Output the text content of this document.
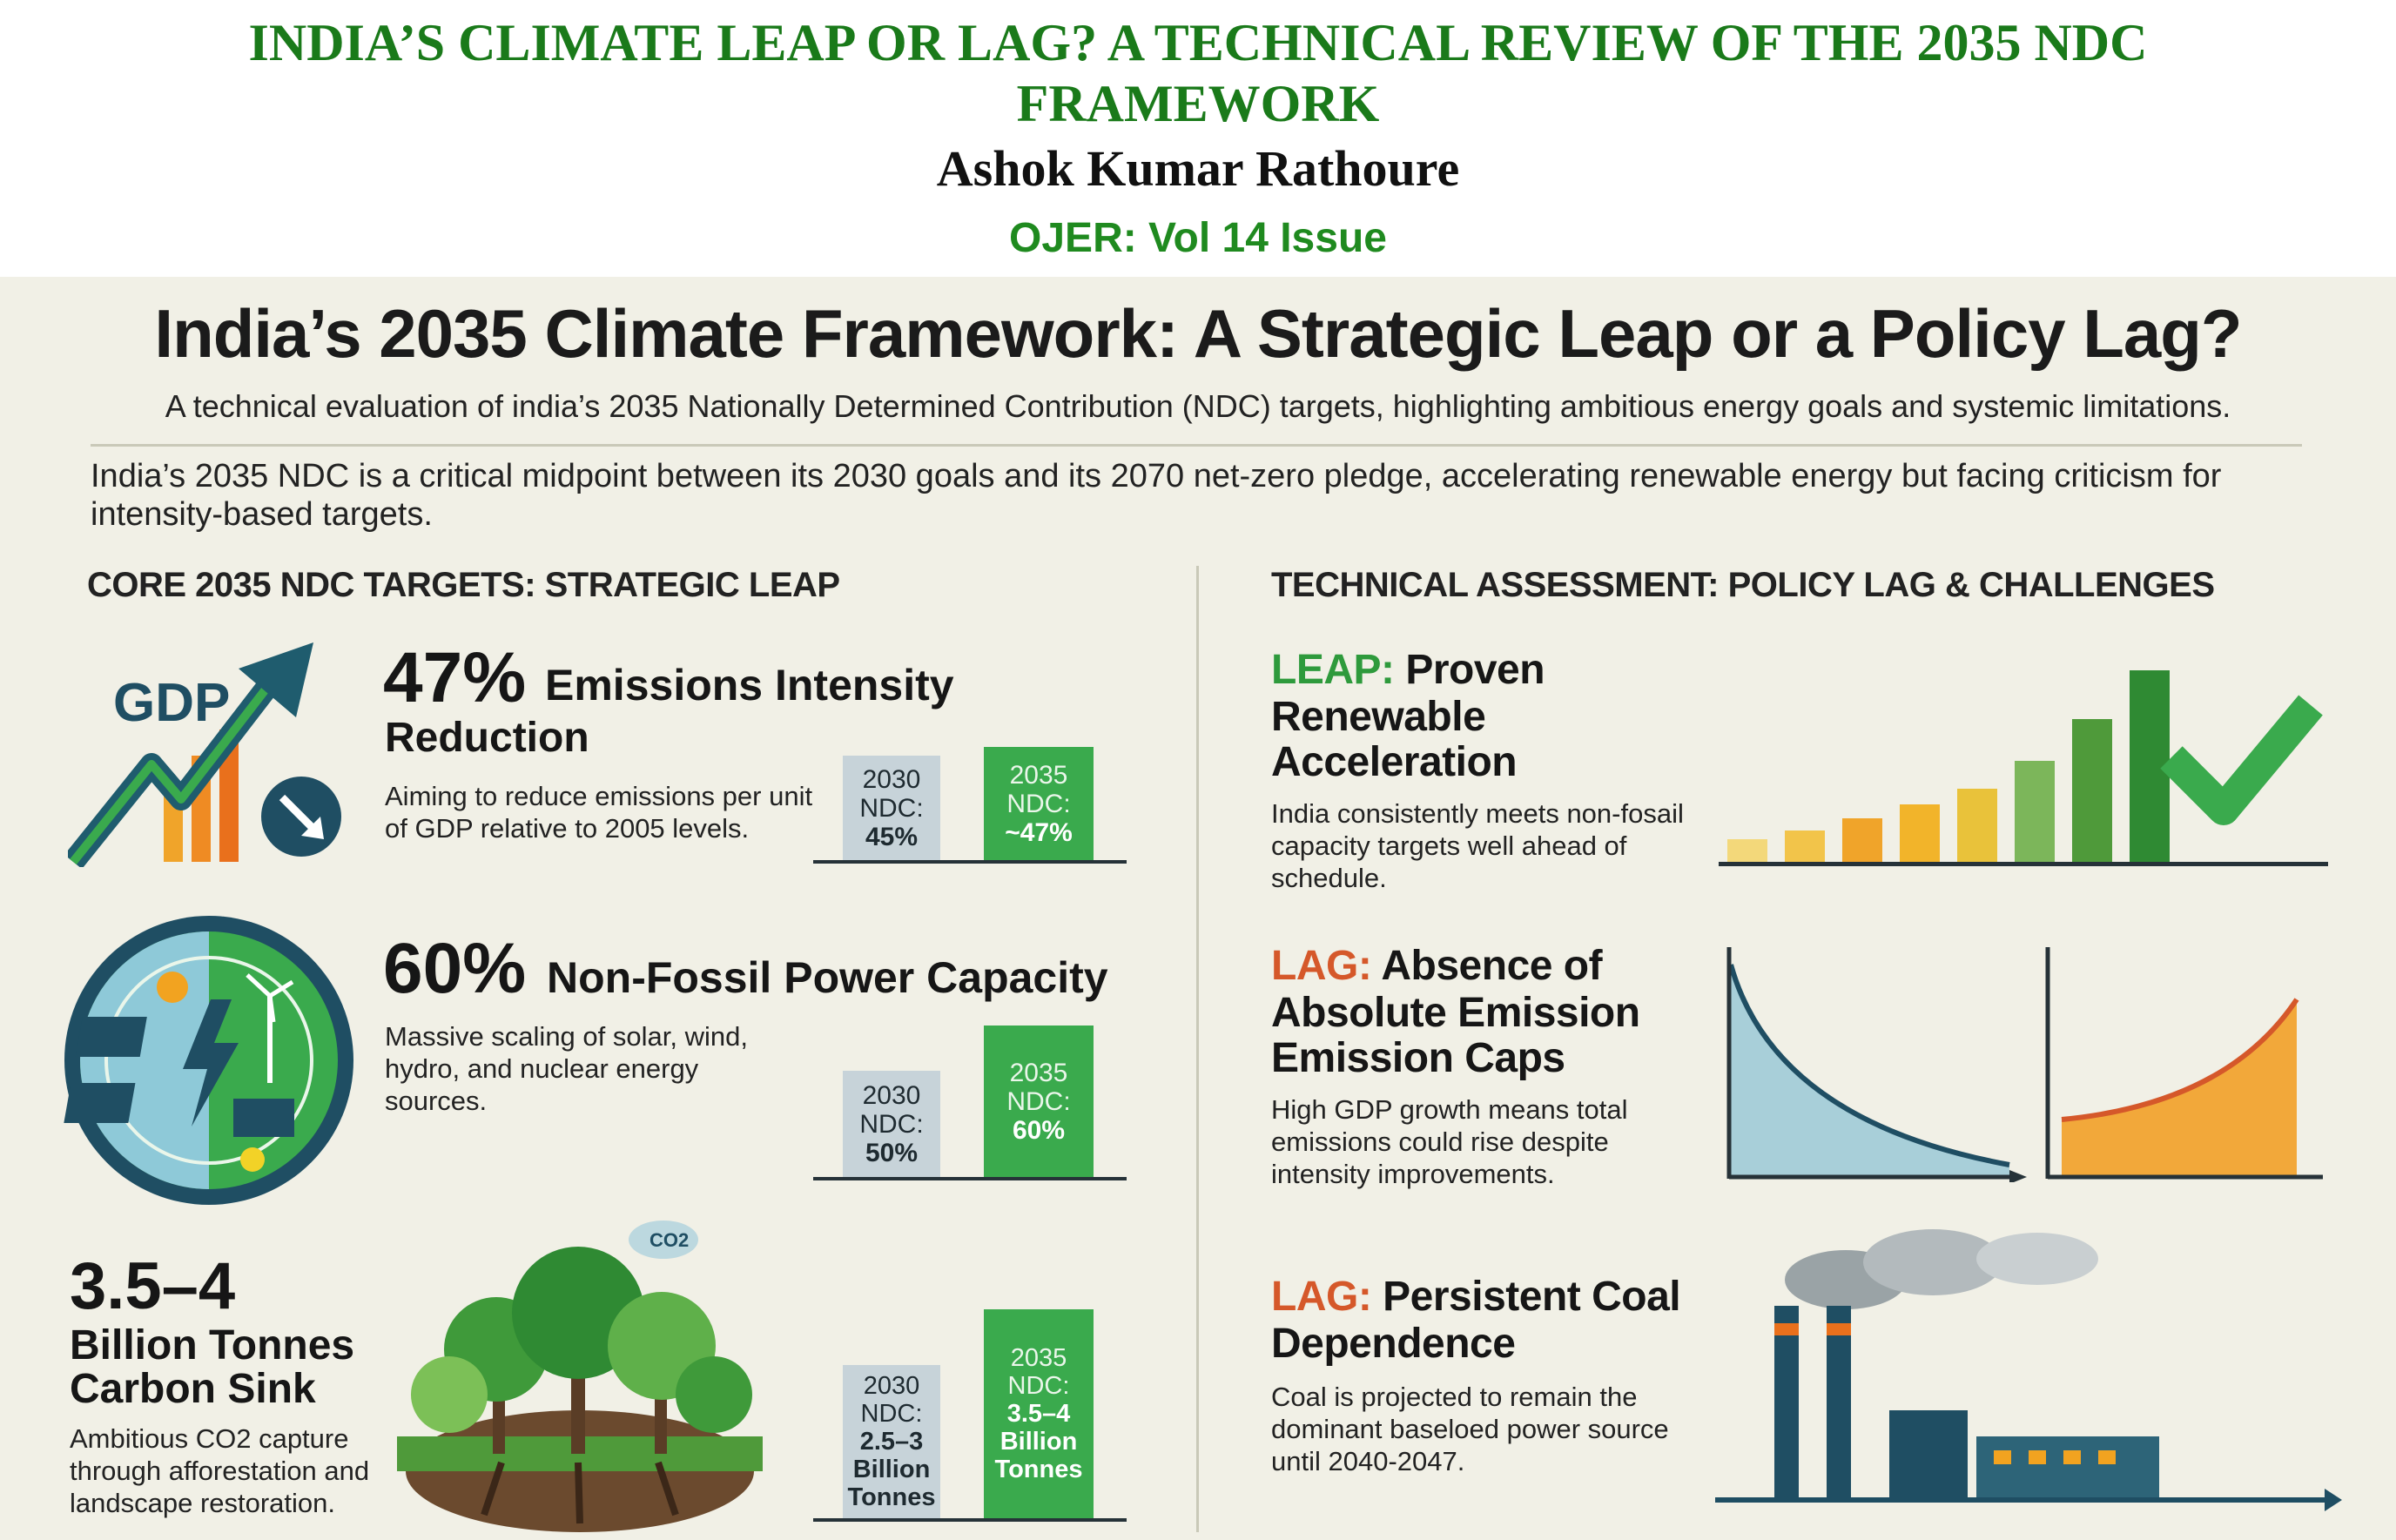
INDIA’S CLIMATE LEAP OR LAG? A TECHNICAL REVIEW OF THE 2035 NDC FRAMEWORK
Ashok Kumar Rathoure
OJER: Vol 14 Issue
India’s 2035 Climate Framework: A Strategic Leap or a Policy Lag?
A technical evaluation of india’s 2035 Nationally Determined Contribution (NDC) targets, highlighting ambitious energy goals and systemic limitations.
India’s 2035 NDC is a critical midpoint between its 2030 goals and its 2070 net-zero pledge, accelerating renewable energy but facing criticism for intensity-based targets.
CORE 2035 NDC TARGETS: STRATEGIC LEAP
GDP 47% Emissions Intensity
Reduction
Aiming to reduce emissions per unit of GDP relative to 2005 levels.
2030
NDC:
45%
2035
NDC:
~47%
60% Non-Fossil Power Capacity
Massive scaling of solar, wind, hydro, and nuclear energy sources.	2030
NDC:
50%
2035
NDC:
60%
3.5–4
Billion Tonnes
Carbon Sink
Ambitious CO2 capture through afforestation and landscape restoration.
CO2
2030
NDC:
2.5–3
Billion
Tonnes
2035
NDC:
3.5–4
Billion
Tonnes
TECHNICAL ASSESSMENT: POLICY LAG & CHALLENGES
LEAP: Proven
Renewable
Acceleration
India consistently meets non-fosail capacity targets well ahead of schedule.
LAG: Absence of
Absolute Emission
Emission Caps
High GDP growth means total emissions could rise despite intensity improvements.
LAG: Persistent Coal
Dependence
Coal is projected to remain the dominant baseloed power source until 2040-2047.
